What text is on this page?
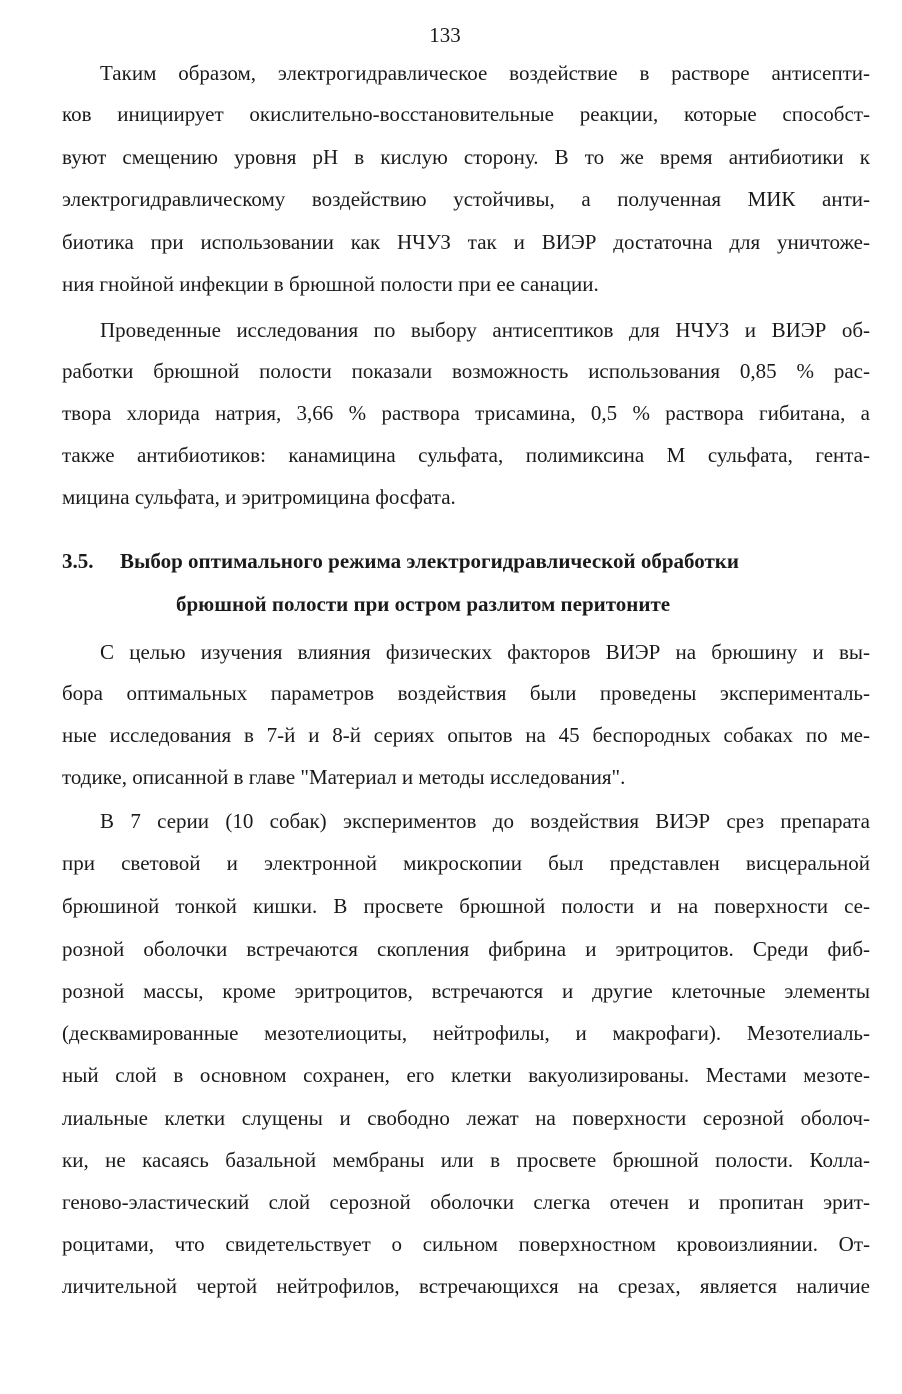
133
Таким образом, электрогидравлическое воздействие в растворе антисепти-
ков инициирует окислительно-восстановительные реакции, которые способст-
вуют смещению уровня рН в кислую сторону. В то же время антибиотики к
электрогидравлическому воздействию устойчивы, а полученная МИК анти-
биотика при использовании как НЧУЗ так и ВИЭР достаточна для уничтоже-
ния гнойной инфекции в брюшной полости при ее санации.
Проведенные исследования по выбору антисептиков для НЧУЗ и ВИЭР об-
работки брюшной полости показали возможность использования 0,85 % рас-
твора хлорида натрия, 3,66 % раствора трисамина, 0,5 % раствора гибитана, а
также антибиотиков: канамицина сульфата, полимиксина М сульфата, гента-
мицина сульфата, и эритромицина фосфата.
3.5. Выбор оптимального режима электрогидравлической обработки
брюшной полости при остром разлитом перитоните
С целью изучения влияния физических факторов ВИЭР на брюшину и вы-
бора оптимальных параметров воздействия были проведены эксперименталь-
ные исследования в 7-й и 8-й сериях опытов на 45 беспородных собаках по ме-
тодике, описанной в главе "Материал и методы исследования".
В 7 серии (10 собак) экспериментов до воздействия ВИЭР срез препарата
при световой и электронной микроскопии был представлен висцеральной
брюшиной тонкой кишки. В просвете брюшной полости и на поверхности се-
розной оболочки встречаются скопления фибрина и эритроцитов. Среди фиб-
розной массы, кроме эритроцитов, встречаются и другие клеточные элементы
(десквамированные мезотелиоциты, нейтрофилы, и макрофаги). Мезотелиаль-
ный слой в основном сохранен, его клетки вакуолизированы. Местами мезоте-
лиальные клетки слущены и свободно лежат на поверхности серозной оболоч-
ки, не касаясь базальной мембраны или в просвете брюшной полости. Колла-
геново-эластический слой серозной оболочки слегка отечен и пропитан эрит-
роцитами, что свидетельствует о сильном поверхностном кровоизлиянии. От-
личительной чертой нейтрофилов, встречающихся на срезах, является наличие
